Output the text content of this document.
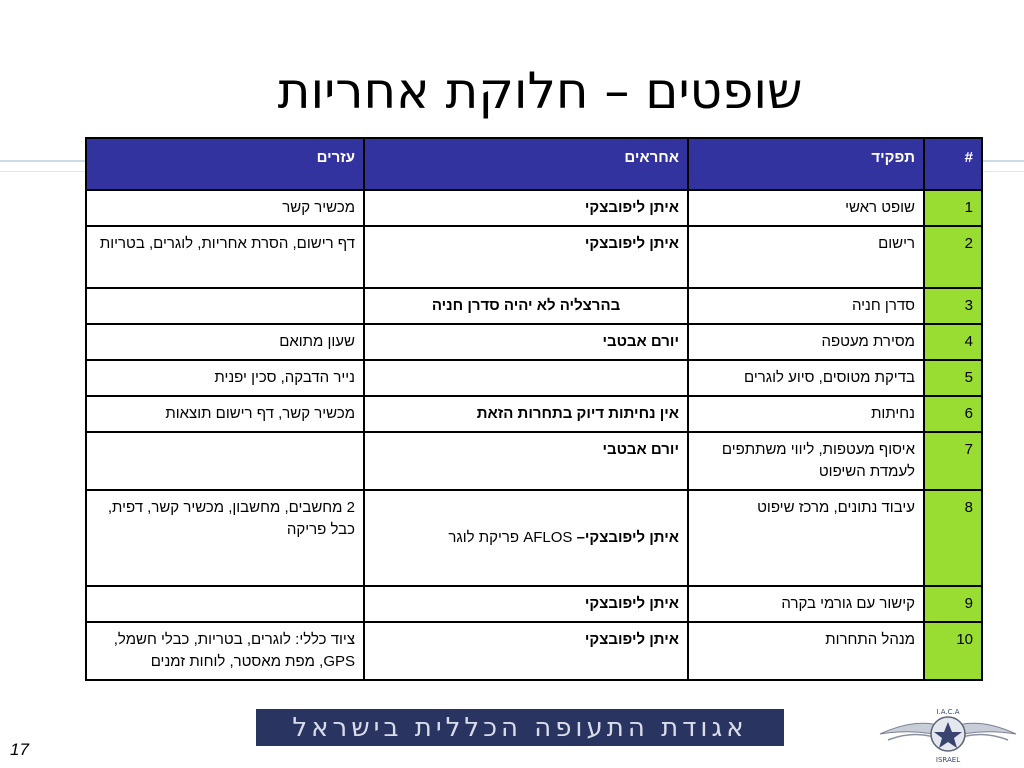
שופטים – חלוקת אחריות
#	תפקיד	אחראים	עזרים
1	שופט ראשי	איתן ליפובצקי	מכשיר קשר
2	רישום	איתן ליפובצקי	דף רישום, הסרת אחריות, לוגרים, בטריות
3	סדרן חניה	בהרצליה לא יהיה סדרן חניה	
4	מסירת מעטפה	יורם אבטבי	שעון מתואם
5	בדיקת מטוסים, סיוע לוגרים		נייר הדבקה, סכין יפנית
6	נחיתות	אין נחיתות דיוק בתחרות הזאת	מכשיר קשר, דף רישום תוצאות
7	איסוף מעטפות, ליווי משתתפים לעמדת השיפוט	יורם אבטבי	
8	עיבוד נתונים, מרכז שיפוט	איתן ליפובצקי– AFLOS פריקת לוגר	2 מחשבים, מחשבון, מכשיר קשר, דפית, כבל פריקה
9	קישור עם גורמי בקרה	איתן ליפובצקי	
10	מנהל התחרות	איתן ליפובצקי	ציוד כללי: לוגרים, בטריות, כבלי חשמל, GPS, מפת מאסטר, לוחות זמנים
17
אגודת התעופה הכללית בישראל
I.A.C.A
ISRAEL
